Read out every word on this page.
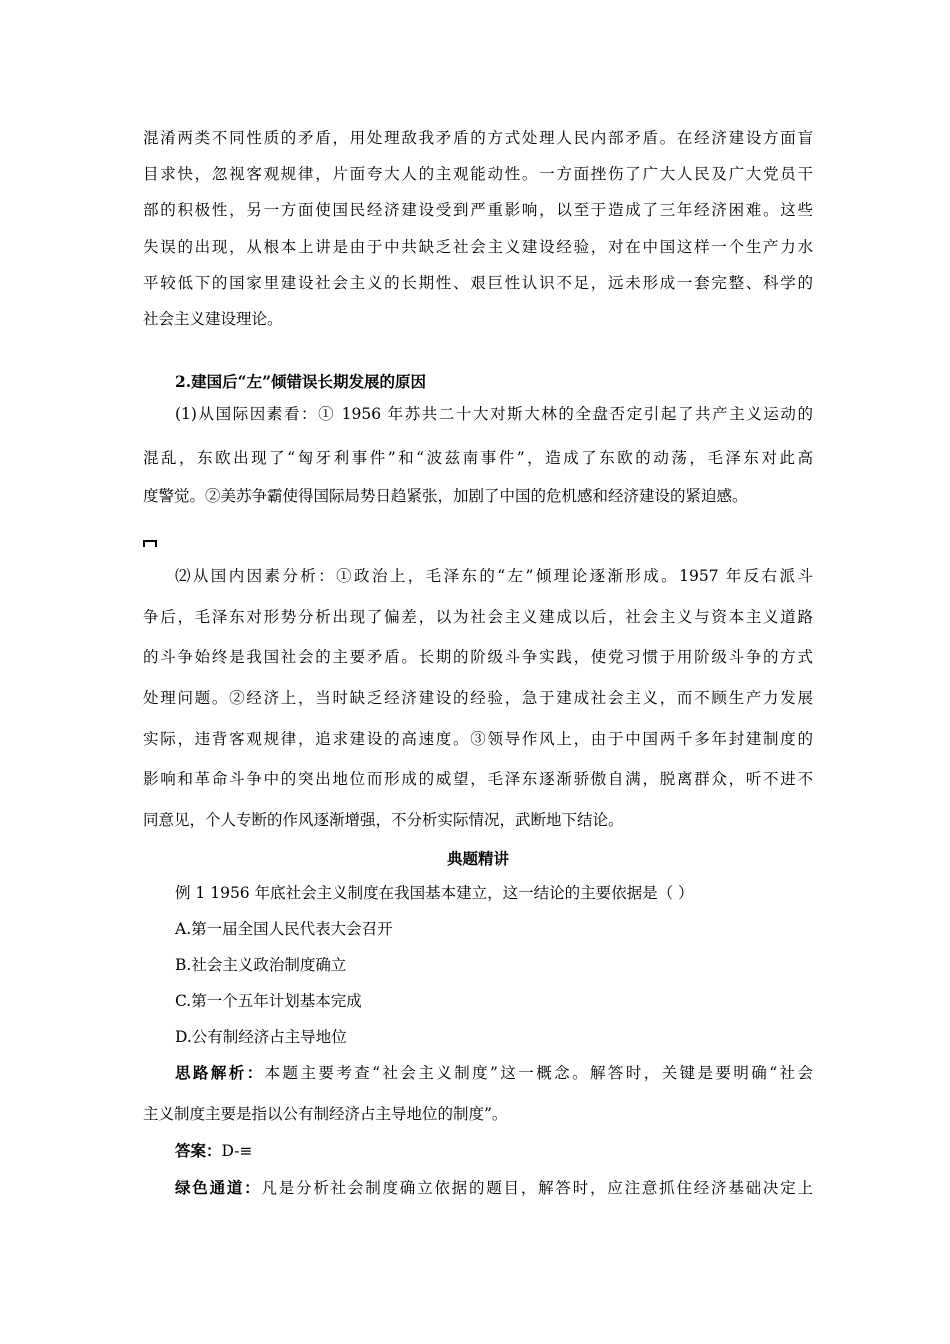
混淆两类不同性质的矛盾，用处理敌我矛盾的方式处理人民内部矛盾。在经济建设方面盲
目求快，忽视客观规律，片面夸大人的主观能动性。一方面挫伤了广大人民及广大党员干
部的积极性，另一方面使国民经济建设受到严重影响，以至于造成了三年经济困难。这些
失误的出现，从根本上讲是由于中共缺乏社会主义建设经验，对在中国这样一个生产力水
平较低下的国家里建设社会主义的长期性、艰巨性认识不足，远未形成一套完整、科学的
社会主义建设理论。
2.建国后“左”倾错误长期发展的原因
(1)从国际因素看：① 1956 年苏共二十大对斯大林的全盘否定引起了共产主义运动的
混乱，东欧出现了“匈牙利事件”和“波兹南事件”，造成了东欧的动荡，毛泽东对此高
度警觉。②美苏争霸使得国际局势日趋紧张，加剧了中国的危机感和经济建设的紧迫感。
⑵从国内因素分析：①政治上，毛泽东的“左”倾理论逐渐形成。1957 年反右派斗
争后，毛泽东对形势分析出现了偏差，以为社会主义建成以后，社会主义与资本主义道路
的斗争始终是我国社会的主要矛盾。长期的阶级斗争实践，使党习惯于用阶级斗争的方式
处理问题。②经济上，当时缺乏经济建设的经验，急于建成社会主义，而不顾生产力发展
实际，违背客观规律，追求建设的高速度。③领导作风上，由于中国两千多年封建制度的
影响和革命斗争中的突出地位而形成的威望，毛泽东逐渐骄傲自满，脱离群众，听不进不
同意见，个人专断的作风逐渐增强，不分析实际情况，武断地下结论。
典题精讲
例 1 1956 年底社会主义制度在我国基本建立，这一结论的主要依据是（ ）
A.第一届全国人民代表大会召开
B.社会主义政治制度确立
C.第一个五年计划基本完成
D.公有制经济占主导地位
思路解析：本题主要考查“社会主义制度”这一概念。解答时，关键是要明确“社会
主义制度主要是指以公有制经济占主导地位的制度”。
答案：D-≡
绿色通道：凡是分析社会制度确立依据的题目，解答时，应注意抓住经济基础决定上
